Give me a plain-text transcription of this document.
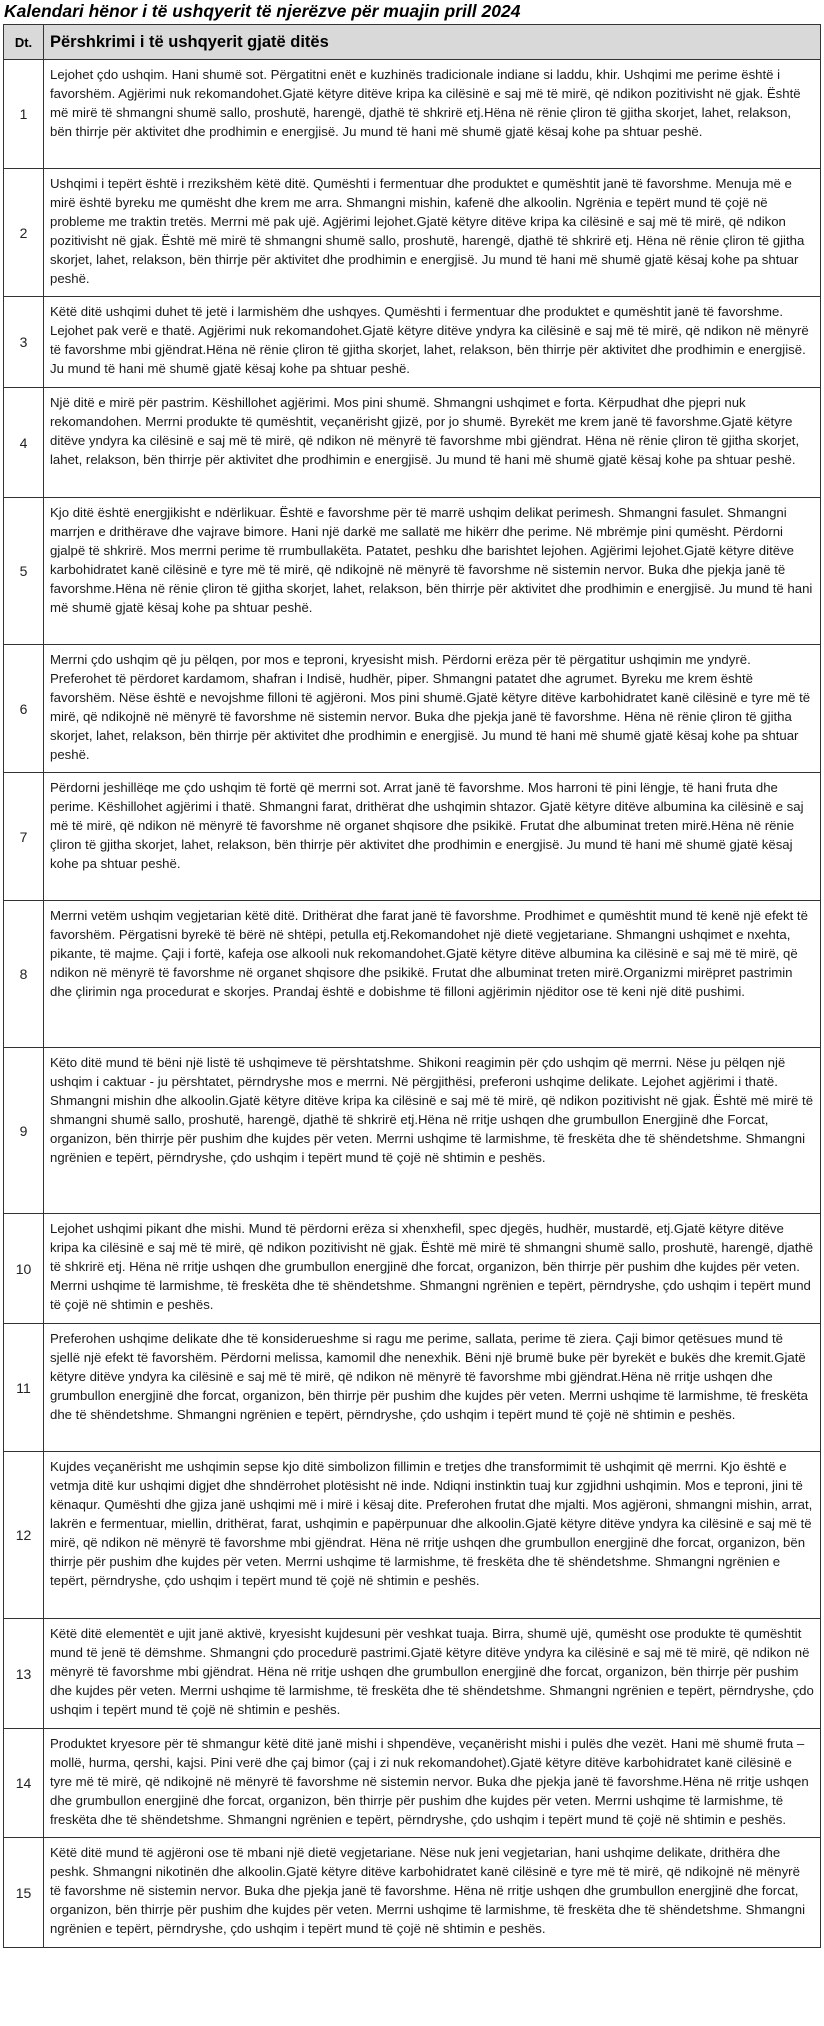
Kalendari hënor i të ushqyerit të njerëzve për muajin prill 2024
Dt.	Përshkrimi i të ushqyerit gjatë ditës
1	Lejohet çdo ushqim. Hani shumë sot. Përgatitni enët e kuzhinës tradicionale indiane si laddu, khir. Ushqimi me perime është i favorshëm. Agjërimi nuk rekomandohet.Gjatë këtyre ditëve kripa ka cilësinë e saj më të mirë, që ndikon pozitivisht në gjak. Është më mirë të shmangni shumë sallo, proshutë, harengë, djathë të shkrirë etj.Hëna në rënie çliron të gjitha skorjet, lahet, relakson, bën thirrje për aktivitet dhe prodhimin e energjisë. Ju mund të hani më shumë gjatë kësaj kohe pa shtuar peshë.
2	Ushqimi i tepërt është i rrezikshëm këtë ditë. Qumështi i fermentuar dhe produktet e qumështit janë të favorshme. Menuja më e mirë është byreku me qumësht dhe krem me arra. Shmangni mishin, kafenë dhe alkoolin. Ngrënia e tepërt mund të çojë në probleme me traktin tretës. Merrni më pak ujë. Agjërimi lejohet.Gjatë këtyre ditëve kripa ka cilësinë e saj më të mirë, që ndikon pozitivisht në gjak. Është më mirë të shmangni shumë sallo, proshutë, harengë, djathë të shkrirë etj. Hëna në rënie çliron të gjitha skorjet, lahet, relakson, bën thirrje për aktivitet dhe prodhimin e energjisë. Ju mund të hani më shumë gjatë kësaj kohe pa shtuar peshë.
3	Këtë ditë ushqimi duhet të jetë i larmishëm dhe ushqyes. Qumështi i fermentuar dhe produktet e qumështit janë të favorshme. Lejohet pak verë e thatë. Agjërimi nuk rekomandohet.Gjatë këtyre ditëve yndyra ka cilësinë e saj më të mirë, që ndikon në mënyrë të favorshme mbi gjëndrat.Hëna në rënie çliron të gjitha skorjet, lahet, relakson, bën thirrje për aktivitet dhe prodhimin e energjisë. Ju mund të hani më shumë gjatë kësaj kohe pa shtuar peshë.
4	Një ditë e mirë për pastrim. Këshillohet agjërimi. Mos pini shumë. Shmangni ushqimet e forta. Kërpudhat dhe pjepri nuk rekomandohen. Merrni produkte të qumështit, veçanërisht gjizë, por jo shumë. Byrekët me krem janë të favorshme.Gjatë këtyre ditëve yndyra ka cilësinë e saj më të mirë, që ndikon në mënyrë të favorshme mbi gjëndrat. Hëna në rënie çliron të gjitha skorjet, lahet, relakson, bën thirrje për aktivitet dhe prodhimin e energjisë. Ju mund të hani më shumë gjatë kësaj kohe pa shtuar peshë.
5	Kjo ditë është energjikisht e ndërlikuar. Është e favorshme për të marrë ushqim delikat perimesh. Shmangni fasulet. Shmangni marrjen e drithërave dhe vajrave bimore. Hani një darkë me sallatë me hikërr dhe perime. Në mbrëmje pini qumësht. Përdorni gjalpë të shkrirë. Mos merrni perime të rrumbullakëta. Patatet, peshku dhe barishtet lejohen. Agjërimi lejohet.Gjatë këtyre ditëve karbohidratet kanë cilësinë e tyre më të mirë, që ndikojnë në mënyrë të favorshme në sistemin nervor. Buka dhe pjekja janë të favorshme.Hëna në rënie çliron të gjitha skorjet, lahet, relakson, bën thirrje për aktivitet dhe prodhimin e energjisë. Ju mund të hani më shumë gjatë kësaj kohe pa shtuar peshë.
6	Merrni çdo ushqim që ju pëlqen, por mos e teproni, kryesisht mish. Përdorni erëza për të përgatitur ushqimin me yndyrë. Preferohet të përdoret kardamom, shafran i Indisë, hudhër, piper. Shmangni patatet dhe agrumet. Byreku me krem është favorshëm. Nëse është e nevojshme filloni të agjëroni. Mos pini shumë.Gjatë këtyre ditëve karbohidratet kanë cilësinë e tyre më të mirë, që ndikojnë në mënyrë të favorshme në sistemin nervor. Buka dhe pjekja janë të favorshme. Hëna në rënie çliron të gjitha skorjet, lahet, relakson, bën thirrje për aktivitet dhe prodhimin e energjisë. Ju mund të hani më shumë gjatë kësaj kohe pa shtuar peshë.
7	Përdorni jeshillëqe me çdo ushqim të fortë që merrni sot. Arrat janë të favorshme. Mos harroni të pini lëngje, të hani fruta dhe perime. Këshillohet agjërimi i thatë. Shmangni farat, drithërat dhe ushqimin shtazor. Gjatë këtyre ditëve albumina ka cilësinë e saj më të mirë, që ndikon në mënyrë të favorshme në organet shqisore dhe psikikë. Frutat dhe albuminat treten mirë.Hëna në rënie çliron të gjitha skorjet, lahet, relakson, bën thirrje për aktivitet dhe prodhimin e energjisë. Ju mund të hani më shumë gjatë kësaj kohe pa shtuar peshë.
8	Merrni vetëm ushqim vegjetarian këtë ditë. Drithërat dhe farat janë të favorshme. Prodhimet e qumështit mund të kenë një efekt të favorshëm. Përgatisni byrekë të bërë në shtëpi, petulla etj.Rekomandohet një dietë vegjetariane. Shmangni ushqimet e nxehta, pikante, të majme. Çaji i fortë, kafeja ose alkooli nuk rekomandohet.Gjatë këtyre ditëve albumina ka cilësinë e saj më të mirë, që ndikon në mënyrë të favorshme në organet shqisore dhe psikikë. Frutat dhe albuminat treten mirë.Organizmi mirëpret pastrimin dhe çlirimin nga procedurat e skorjes. Prandaj është e dobishme të filloni agjërimin njëditor ose të keni një ditë pushimi.
9	Këto ditë mund të bëni një listë të ushqimeve të përshtatshme. Shikoni reagimin për çdo ushqim që merrni. Nëse ju pëlqen një ushqim i caktuar - ju përshtatet, përndryshe mos e merrni. Në përgjithësi, preferoni ushqime delikate. Lejohet agjërimi i thatë. Shmangni mishin dhe alkoolin.Gjatë këtyre ditëve kripa ka cilësinë e saj më të mirë, që ndikon pozitivisht në gjak. Është më mirë të shmangni shumë sallo, proshutë, harengë, djathë të shkrirë etj.Hëna në rritje ushqen dhe grumbullon Energjinë dhe Forcat, organizon, bën thirrje për pushim dhe kujdes për veten. Merrni ushqime të larmishme, të freskëta dhe të shëndetshme. Shmangni ngrënien e tepërt, përndryshe, çdo ushqim i tepërt mund të çojë në shtimin e peshës.
10	Lejohet ushqimi pikant dhe mishi. Mund të përdorni erëza si xhenxhefil, spec djegës, hudhër, mustardë, etj.Gjatë këtyre ditëve kripa ka cilësinë e saj më të mirë, që ndikon pozitivisht në gjak. Është më mirë të shmangni shumë sallo, proshutë, harengë, djathë të shkrirë etj. Hëna në rritje ushqen dhe grumbullon energjinë dhe forcat, organizon, bën thirrje për pushim dhe kujdes për veten. Merrni ushqime të larmishme, të freskëta dhe të shëndetshme. Shmangni ngrënien e tepërt, përndryshe, çdo ushqim i tepërt mund të çojë në shtimin e peshës.
11	Preferohen ushqime delikate dhe të konsiderueshme si ragu me perime, sallata, perime të ziera. Çaji bimor qetësues mund të sjellë një efekt të favorshëm. Përdorni melissa, kamomil dhe nenexhik. Bëni një brumë buke për byrekët e bukës dhe kremit.Gjatë këtyre ditëve yndyra ka cilësinë e saj më të mirë, që ndikon në mënyrë të favorshme mbi gjëndrat.Hëna në rritje ushqen dhe grumbullon energjinë dhe forcat, organizon, bën thirrje për pushim dhe kujdes për veten. Merrni ushqime të larmishme, të freskëta dhe të shëndetshme. Shmangni ngrënien e tepërt, përndryshe, çdo ushqim i tepërt mund të çojë në shtimin e peshës.
12	Kujdes veçanërisht me ushqimin sepse kjo ditë simbolizon fillimin e tretjes dhe transformimit të ushqimit që merrni. Kjo është e vetmja ditë kur ushqimi digjet dhe shndërrohet plotësisht në inde. Ndiqni instinktin tuaj kur zgjidhni ushqimin. Mos e teproni, jini të kënaqur. Qumështi dhe gjiza janë ushqimi më i mirë i kësaj dite. Preferohen frutat dhe mjalti. Mos agjëroni, shmangni mishin, arrat, lakrën e fermentuar, miellin, drithërat, farat, ushqimin e papërpunuar dhe alkoolin.Gjatë këtyre ditëve yndyra ka cilësinë e saj më të mirë, që ndikon në mënyrë të favorshme mbi gjëndrat. Hëna në rritje ushqen dhe grumbullon energjinë dhe forcat, organizon, bën thirrje për pushim dhe kujdes për veten. Merrni ushqime të larmishme, të freskëta dhe të shëndetshme. Shmangni ngrënien e tepërt, përndryshe, çdo ushqim i tepërt mund të çojë në shtimin e peshës.
13	Këtë ditë elementët e ujit janë aktivë, kryesisht kujdesuni për veshkat tuaja. Birra, shumë ujë, qumësht ose produkte të qumështit mund të jenë të dëmshme. Shmangni çdo procedurë pastrimi.Gjatë këtyre ditëve yndyra ka cilësinë e saj më të mirë, që ndikon në mënyrë të favorshme mbi gjëndrat. Hëna në rritje ushqen dhe grumbullon energjinë dhe forcat, organizon, bën thirrje për pushim dhe kujdes për veten. Merrni ushqime të larmishme, të freskëta dhe të shëndetshme. Shmangni ngrënien e tepërt, përndryshe, çdo ushqim i tepërt mund të çojë në shtimin e peshës.
14	Produktet kryesore për të shmangur këtë ditë janë mishi i shpendëve, veçanërisht mishi i pulës dhe vezët. Hani më shumë fruta – mollë, hurma, qershi, kajsi. Pini verë dhe çaj bimor (çaj i zi nuk rekomandohet).Gjatë këtyre ditëve karbohidratet kanë cilësinë e tyre më të mirë, që ndikojnë në mënyrë të favorshme në sistemin nervor. Buka dhe pjekja janë të favorshme.Hëna në rritje ushqen dhe grumbullon energjinë dhe forcat, organizon, bën thirrje për pushim dhe kujdes për veten. Merrni ushqime të larmishme, të freskëta dhe të shëndetshme. Shmangni ngrënien e tepërt, përndryshe, çdo ushqim i tepërt mund të çojë në shtimin e peshës.
15	Këtë ditë mund të agjëroni ose të mbani një dietë vegjetariane. Nëse nuk jeni vegjetarian, hani ushqime delikate, drithëra dhe peshk. Shmangni nikotinën dhe alkoolin.Gjatë këtyre ditëve karbohidratet kanë cilësinë e tyre më të mirë, që ndikojnë në mënyrë të favorshme në sistemin nervor. Buka dhe pjekja janë të favorshme. Hëna në rritje ushqen dhe grumbullon energjinë dhe forcat, organizon, bën thirrje për pushim dhe kujdes për veten. Merrni ushqime të larmishme, të freskëta dhe të shëndetshme. Shmangni ngrënien e tepërt, përndryshe, çdo ushqim i tepërt mund të çojë në shtimin e peshës.
